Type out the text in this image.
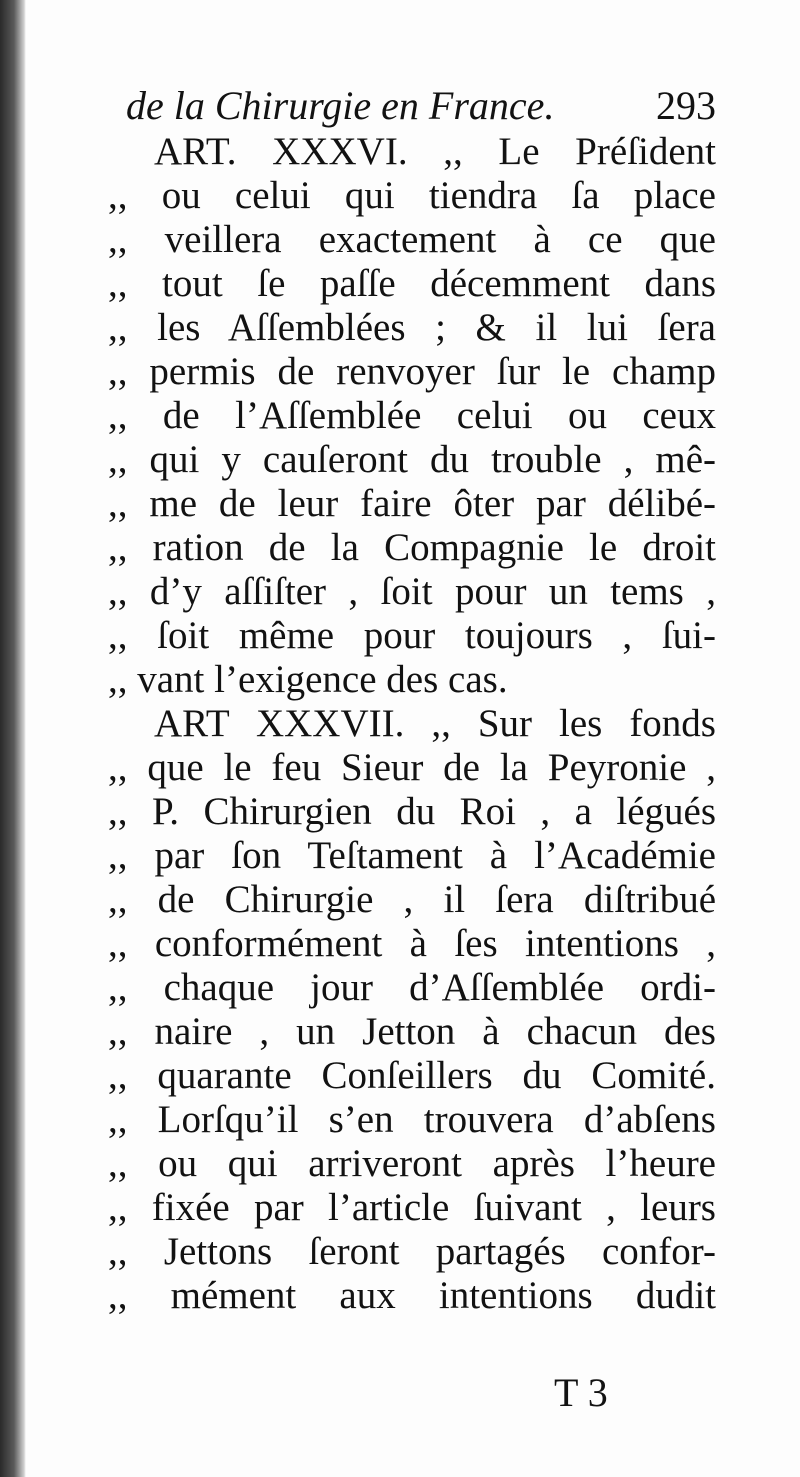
de la Chirurgie en France.	293
ART. XXXVI. ,, Le Préſident
,, ou celui qui tiendra ſa place
,, veillera exactement à ce que
,, tout ſe paſſe décemment dans
,, les Aſſemblées ; & il lui ſera
,, permis de renvoyer ſur le champ
,, de l’Aſſemblée celui ou ceux
,, qui y cauſeront du trouble , mê-
,, me de leur faire ôter par délibé-
,, ration de la Compagnie le droit
,, d’y aſſiſter , ſoit pour un tems ,
,, ſoit même pour toujours , ſui-
,, vant l’exigence des cas.
ART XXXVII. ,, Sur les fonds
,, que le feu Sieur de la Peyronie ,
,, P. Chirurgien du Roi , a légués
,, par ſon Teſtament à l’Académie
,, de Chirurgie , il ſera diſtribué
,, conformément à ſes intentions ,
,, chaque jour d’Aſſemblée ordi-
,, naire , un Jetton à chacun des
,, quarante Conſeillers du Comité.
,, Lorſqu’il s’en trouvera d’abſens
,, ou qui arriveront après l’heure
,, fixée par l’article ſuivant , leurs
,, Jettons ſeront partagés confor-
,, mément aux intentions dudit
T 3
